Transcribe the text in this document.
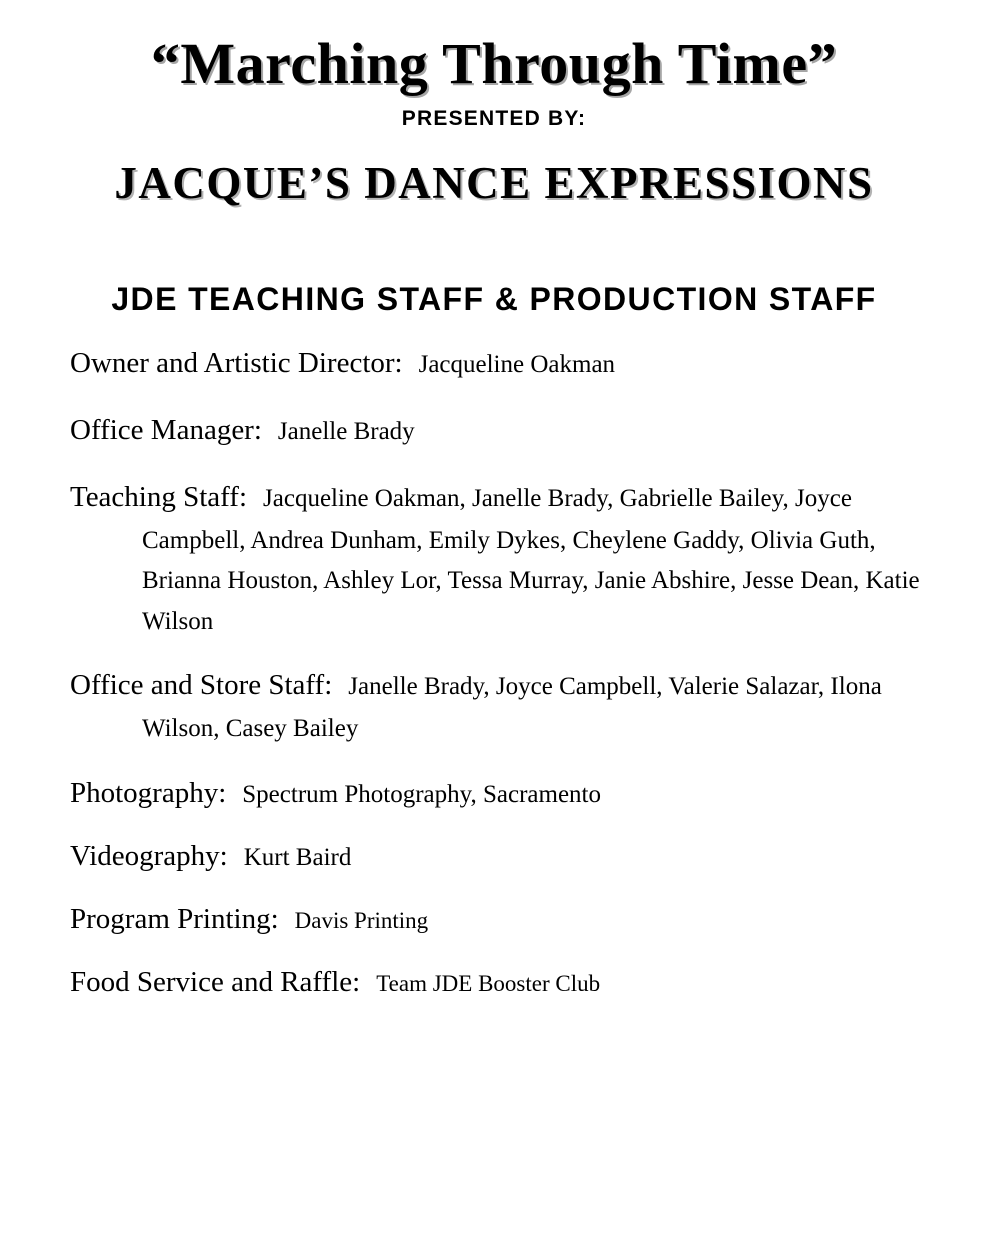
“Marching Through Time”
PRESENTED BY:
JACQUE’S DANCE EXPRESSIONS
JDE TEACHING STAFF & PRODUCTION STAFF
Owner and Artistic Director: Jacqueline Oakman
Office Manager: Janelle Brady
Teaching Staff: Jacqueline Oakman, Janelle Brady, Gabrielle Bailey, Joyce Campbell, Andrea Dunham, Emily Dykes, Cheylene Gaddy, Olivia Guth, Brianna Houston, Ashley Lor, Tessa Murray, Janie Abshire, Jesse Dean, Katie Wilson
Office and Store Staff: Janelle Brady, Joyce Campbell, Valerie Salazar, Ilona Wilson, Casey Bailey
Photography: Spectrum Photography, Sacramento
Videography: Kurt Baird
Program Printing: Davis Printing
Food Service and Raffle: Team JDE Booster Club
